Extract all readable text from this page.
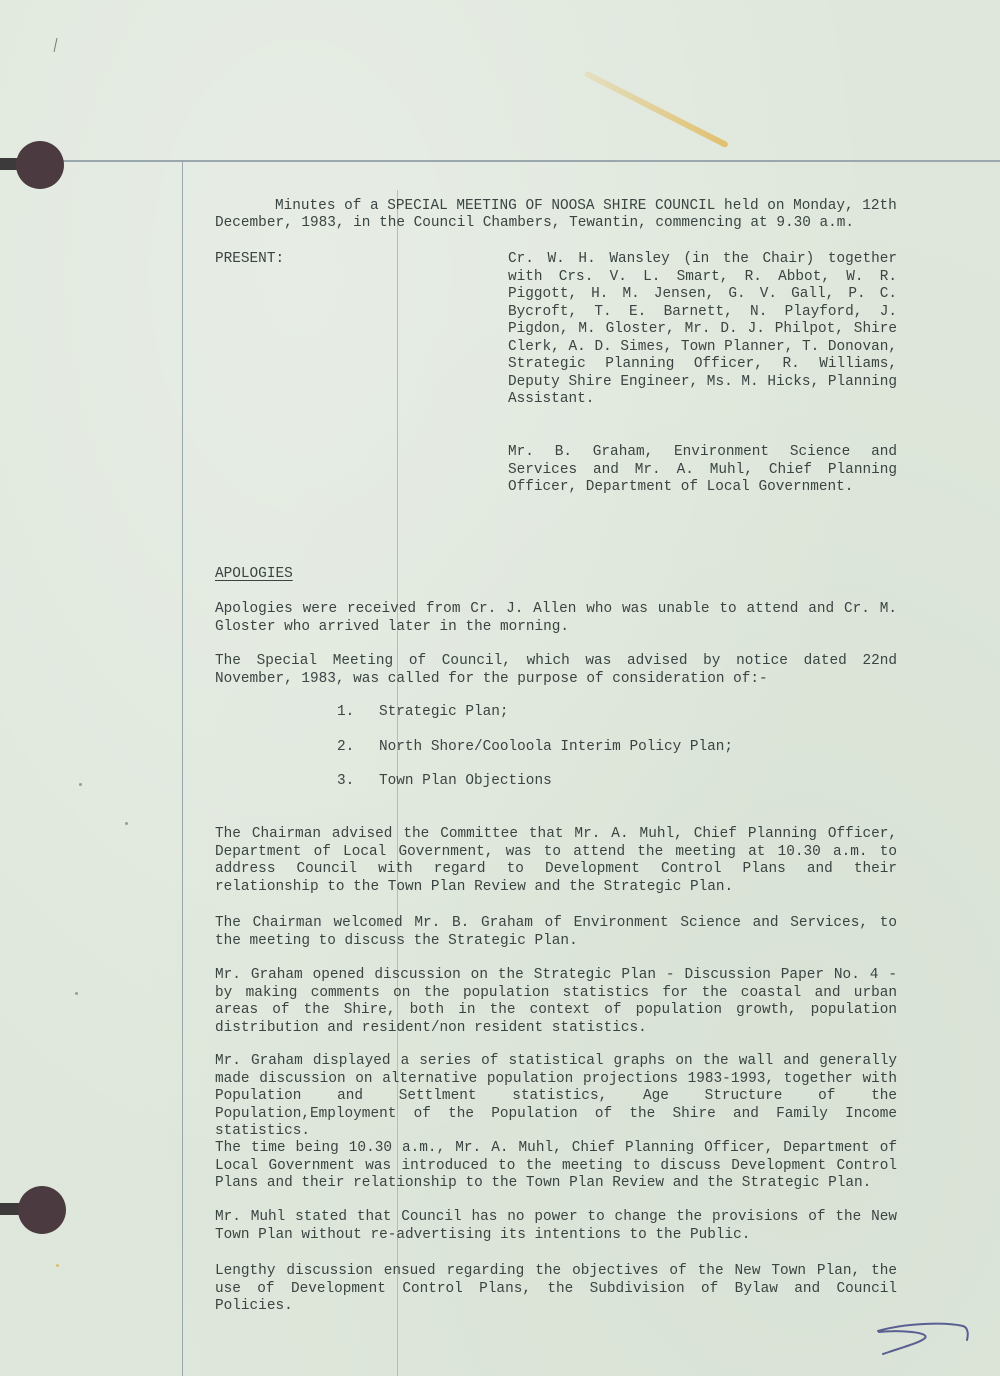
Minutes of a SPECIAL MEETING OF NOOSA SHIRE COUNCIL held on Monday, 12th
December, 1983, in the Council Chambers, Tewantin, commencing at 9.30 a.m.
PRESENT:	Cr. W. H. Wansley (in the Chair) together with Crs. V. L. Smart, R. Abbot, W. R. Piggott, H. M. Jensen, G. V. Gall, P. C. Bycroft, T. E. Barnett, N. Playford, J. Pigdon, M. Gloster, Mr. D. J. Philpot, Shire Clerk, A. D. Simes, Town Planner, T. Donovan, Strategic Planning Officer, R. Williams, Deputy Shire Engineer, Ms. M. Hicks, Planning Assistant.
Mr. B. Graham, Environment Science and Services and Mr. A. Muhl, Chief Planning Officer, Department of Local Government.
APOLOGIES
Apologies were received from Cr. J. Allen who was unable to attend and Cr. M. Gloster who arrived later in the morning.
The Special Meeting of Council, which was advised by notice dated 22nd November, 1983, was called for the purpose of consideration of:-
1. Strategic Plan;
2. North Shore/Cooloola Interim Policy Plan;
3. Town Plan Objections
The Chairman advised the Committee that Mr. A. Muhl, Chief Planning Officer, Department of Local Government, was to attend the meeting at 10.30 a.m. to address Council with regard to Development Control Plans and their relationship to the Town Plan Review and the Strategic Plan.
The Chairman welcomed Mr. B. Graham of Environment Science and Services, to the meeting to discuss the Strategic Plan.
Mr. Graham opened discussion on the Strategic Plan - Discussion Paper No. 4 - by making comments on the population statistics for the coastal and urban areas of the Shire, both in the context of population growth, population distribution and resident/non resident statistics.
Mr. Graham displayed a series of statistical graphs on the wall and generally made discussion on alternative population projections 1983-1993, together with Population and Settlment statistics, Age Structure of the Population,Employment of the Population of the Shire and Family Income statistics.
The time being 10.30 a.m., Mr. A. Muhl, Chief Planning Officer, Department of Local Government was introduced to the meeting to discuss Development Control Plans and their relationship to the Town Plan Review and the Strategic Plan.
Mr. Muhl stated that Council has no power to change the provisions of the New Town Plan without re-advertising its intentions to the Public.
Lengthy discussion ensued regarding the objectives of the New Town Plan, the use of Development Control Plans, the Subdivision of Bylaw and Council Policies.
